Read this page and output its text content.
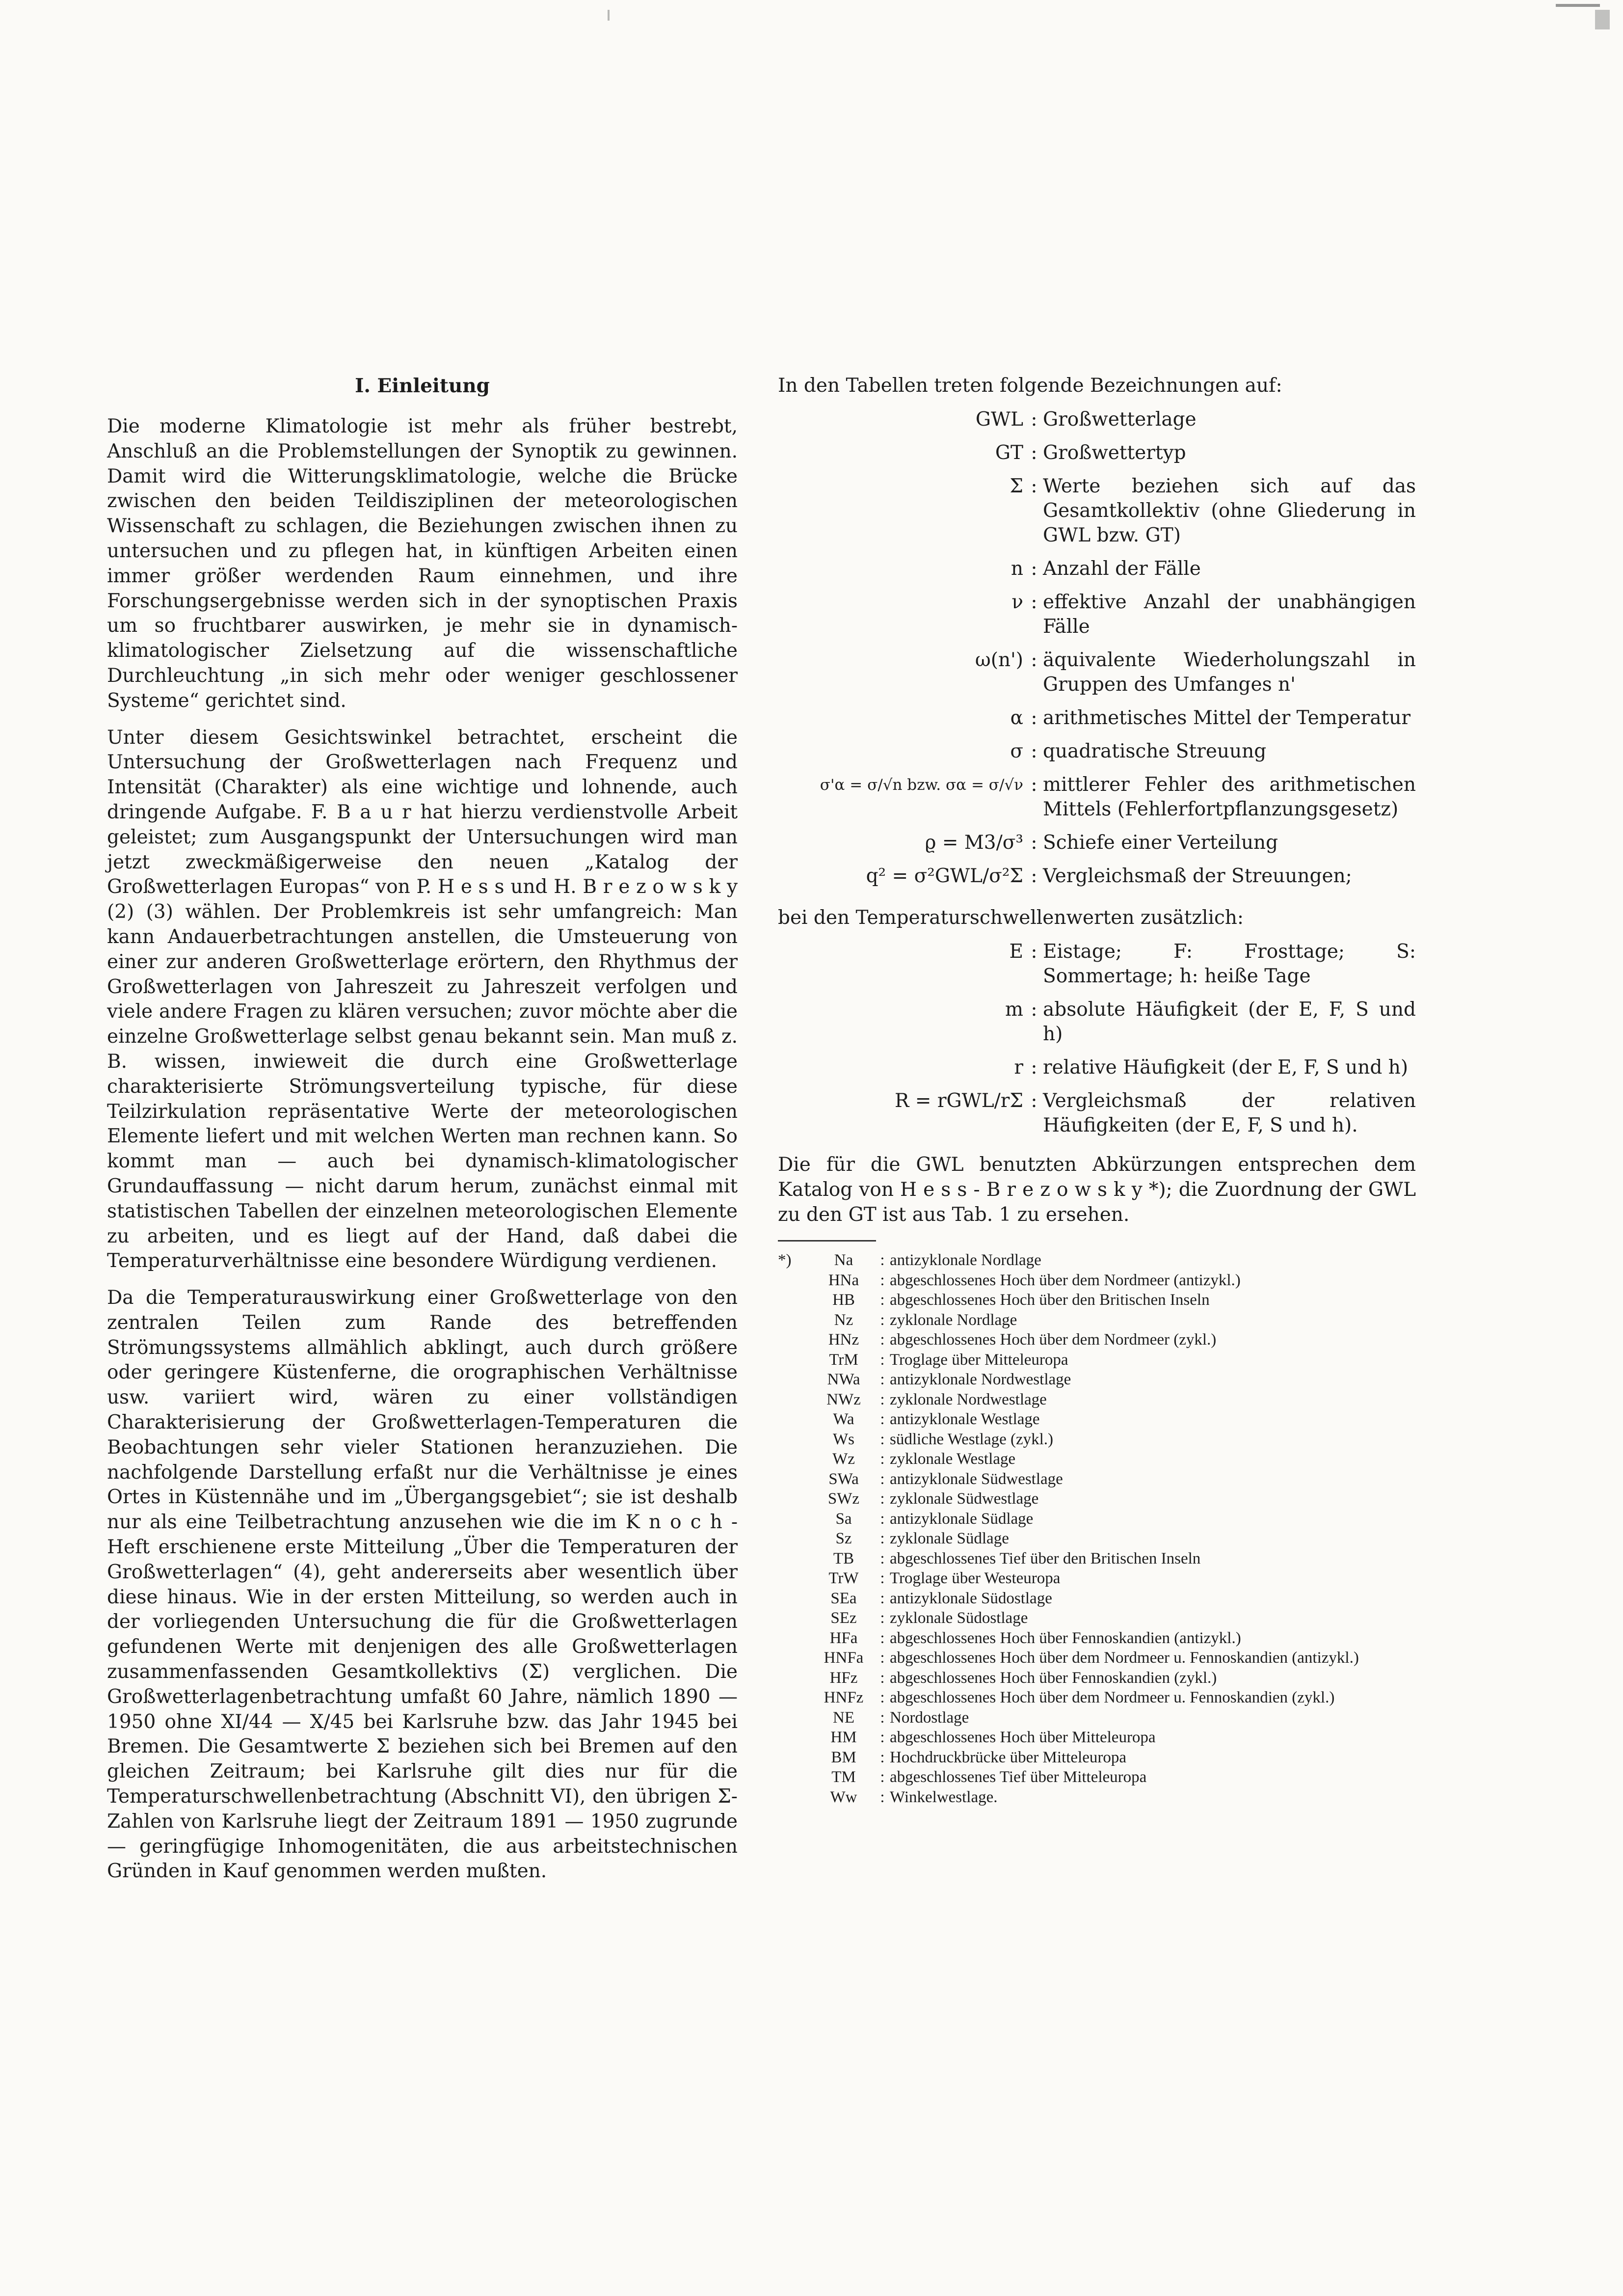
I. Einleitung

Die moderne Klimatologie ist mehr als früher bestrebt, Anschluß an die Problemstellungen der Synoptik zu gewinnen. Damit wird die Witterungsklimatologie, welche die Brücke zwischen den beiden Teildisziplinen der meteorologischen Wissenschaft zu schlagen, die Beziehungen zwischen ihnen zu untersuchen und zu pflegen hat, in künftigen Arbeiten einen immer größer werdenden Raum einnehmen, und ihre Forschungsergebnisse werden sich in der synoptischen Praxis um so fruchtbarer auswirken, je mehr sie in dynamisch-klimatologischer Zielsetzung auf die wissenschaftliche Durchleuchtung „in sich mehr oder weniger geschlossener Systeme“ gerichtet sind.

Unter diesem Gesichtswinkel betrachtet, erscheint die Untersuchung der Großwetterlagen nach Frequenz und Intensität (Charakter) als eine wichtige und lohnende, auch dringende Aufgabe. F. B a u r hat hierzu verdienstvolle Arbeit geleistet; zum Ausgangspunkt der Untersuchungen wird man jetzt zweckmäßigerweise den neuen „Katalog der Großwetterlagen Europas“ von P. H e s s und H. B r e z o w s k y (2) (3) wählen. Der Problemkreis ist sehr umfangreich: Man kann Andauerbetrachtungen anstellen, die Umsteuerung von einer zur anderen Großwetterlage erörtern, den Rhythmus der Großwetterlagen von Jahreszeit zu Jahreszeit verfolgen und viele andere Fragen zu klären versuchen; zuvor möchte aber die einzelne Großwetterlage selbst genau bekannt sein. Man muß z. B. wissen, inwieweit die durch eine Großwetterlage charakterisierte Strömungsverteilung typische, für diese Teilzirkulation repräsentative Werte der meteorologischen Elemente liefert und mit welchen Werten man rechnen kann. So kommt man — auch bei dynamisch-klimatologischer Grundauffassung — nicht darum herum, zunächst einmal mit statistischen Tabellen der einzelnen meteorologischen Elemente zu arbeiten, und es liegt auf der Hand, daß dabei die Temperaturverhältnisse eine besondere Würdigung verdienen.

Da die Temperaturauswirkung einer Großwetterlage von den zentralen Teilen zum Rande des betreffenden Strömungssystems allmählich abklingt, auch durch größere oder geringere Küstenferne, die orographischen Verhältnisse usw. variiert wird, wären zu einer vollständigen Charakterisierung der Großwetterlagen-Temperaturen die Beobachtungen sehr vieler Stationen heranzuziehen. Die nachfolgende Darstellung erfaßt nur die Verhältnisse je eines Ortes in Küstennähe und im „Übergangsgebiet“; sie ist deshalb nur als eine Teilbetrachtung anzusehen wie die im K n o c h - Heft erschienene erste Mitteilung „Über die Temperaturen der Großwetterlagen“ (4), geht andererseits aber wesentlich über diese hinaus. Wie in der ersten Mitteilung, so werden auch in der vorliegenden Untersuchung die für die Großwetterlagen gefundenen Werte mit denjenigen des alle Großwetterlagen zusammenfassenden Gesamtkollektivs (Σ) verglichen. Die Großwetterlagenbetrachtung umfaßt 60 Jahre, nämlich 1890 — 1950 ohne XI/44 — X/45 bei Karlsruhe bzw. das Jahr 1945 bei Bremen. Die Gesamtwerte Σ beziehen sich bei Bremen auf den gleichen Zeitraum; bei Karlsruhe gilt dies nur für die Temperaturschwellenbetrachtung (Abschnitt VI), den übrigen Σ-Zahlen von Karlsruhe liegt der Zeitraum 1891 — 1950 zugrunde — geringfügige Inhomogenitäten, die aus arbeitstechnischen Gründen in Kauf genommen werden mußten.

In den Tabellen treten folgende Bezeichnungen auf:
GWL : Großwetterlage
GT : Großwettertyp
Σ : Werte beziehen sich auf das Gesamtkollektiv (ohne Gliederung in GWL bzw. GT)
n : Anzahl der Fälle
ν : effektive Anzahl der unabhängigen Fälle
ω(n') : äquivalente Wiederholungszahl in Gruppen des Umfanges n'
α : arithmetisches Mittel der Temperatur
σ : quadratische Streuung
σ'α = σ/√n bzw. σα = σ/√ν : mittlerer Fehler des arithmetischen Mittels (Fehlerfortpflanzungsgesetz)
ϱ = M3/σ³ : Schiefe einer Verteilung
q² = σ²GWL/σ²Σ : Vergleichsmaß der Streuungen;
bei den Temperaturschwellenwerten zusätzlich:
E : Eistage; F: Frosttage; S: Sommertage; h: heiße Tage
m : absolute Häufigkeit (der E, F, S und h)
r : relative Häufigkeit (der E, F, S und h)
R = rGWL/rΣ : Vergleichsmaß der relativen Häufigkeiten (der E, F, S und h).

Die für die GWL benutzten Abkürzungen entsprechen dem Katalog von H e s s - B r e z o w s k y *); die Zuordnung der GWL zu den GT ist aus Tab. 1 zu ersehen.

*)	Na	: antizyklonale Nordlage
HNa	: abgeschlossenes Hoch über dem Nordmeer (antizykl.)
HB	: abgeschlossenes Hoch über den Britischen Inseln
Nz	: zyklonale Nordlage
HNz	: abgeschlossenes Hoch über dem Nordmeer (zykl.)
TrM	: Troglage über Mitteleuropa
NWa	: antizyklonale Nordwestlage
NWz	: zyklonale Nordwestlage
Wa	: antizyklonale Westlage
Ws	: südliche Westlage (zykl.)
Wz	: zyklonale Westlage
SWa	: antizyklonale Südwestlage
SWz	: zyklonale Südwestlage
Sa	: antizyklonale Südlage
Sz	: zyklonale Südlage
TB	: abgeschlossenes Tief über den Britischen Inseln
TrW	: Troglage über Westeuropa
SEa	: antizyklonale Südostlage
SEz	: zyklonale Südostlage
HFa	: abgeschlossenes Hoch über Fennoskandien (antizykl.)
HNFa	: abgeschlossenes Hoch über dem Nordmeer u. Fennoskandien (antizykl.)
HFz	: abgeschlossenes Hoch über Fennoskandien (zykl.)
HNFz	: abgeschlossenes Hoch über dem Nordmeer u. Fennoskandien (zykl.)
NE	: Nordostlage
HM	: abgeschlossenes Hoch über Mitteleuropa
BM	: Hochdruckbrücke über Mitteleuropa
TM	: abgeschlossenes Tief über Mitteleuropa
Ww	: Winkelwestlage.
